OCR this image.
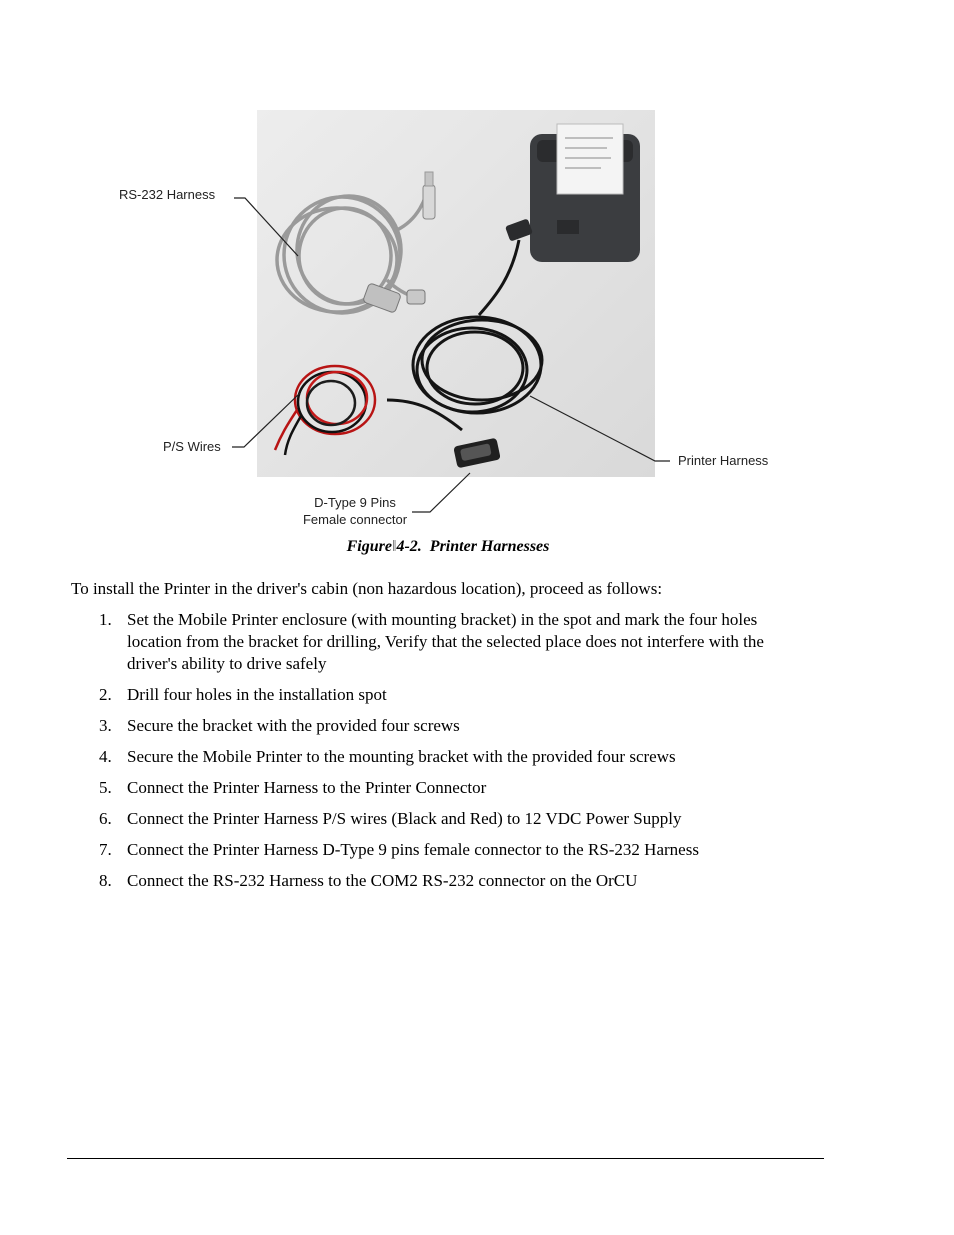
RS-232 Harness
P/S Wires
D-Type 9 Pins
Female connector
Printer Harness
Figure‖4-2. Printer Harnesses
To install the Printer in the driver's cabin (non hazardous location), proceed as follows:
1. Set the Mobile Printer enclosure (with mounting bracket) in the spot and mark the four holes location from the bracket for drilling, Verify that the selected place does not interfere with the driver's ability to drive safely
2. Drill four holes in the installation spot
3. Secure the bracket with the provided four screws
4. Secure the Mobile Printer to the mounting bracket with the provided four screws
5. Connect the Printer Harness to the Printer Connector
6. Connect the Printer Harness P/S wires (Black and Red) to 12 VDC Power Supply
7. Connect the Printer Harness D-Type 9 pins female connector to the RS-232 Harness
8. Connect the RS-232 Harness to the COM2 RS-232 connector on the OrCU
